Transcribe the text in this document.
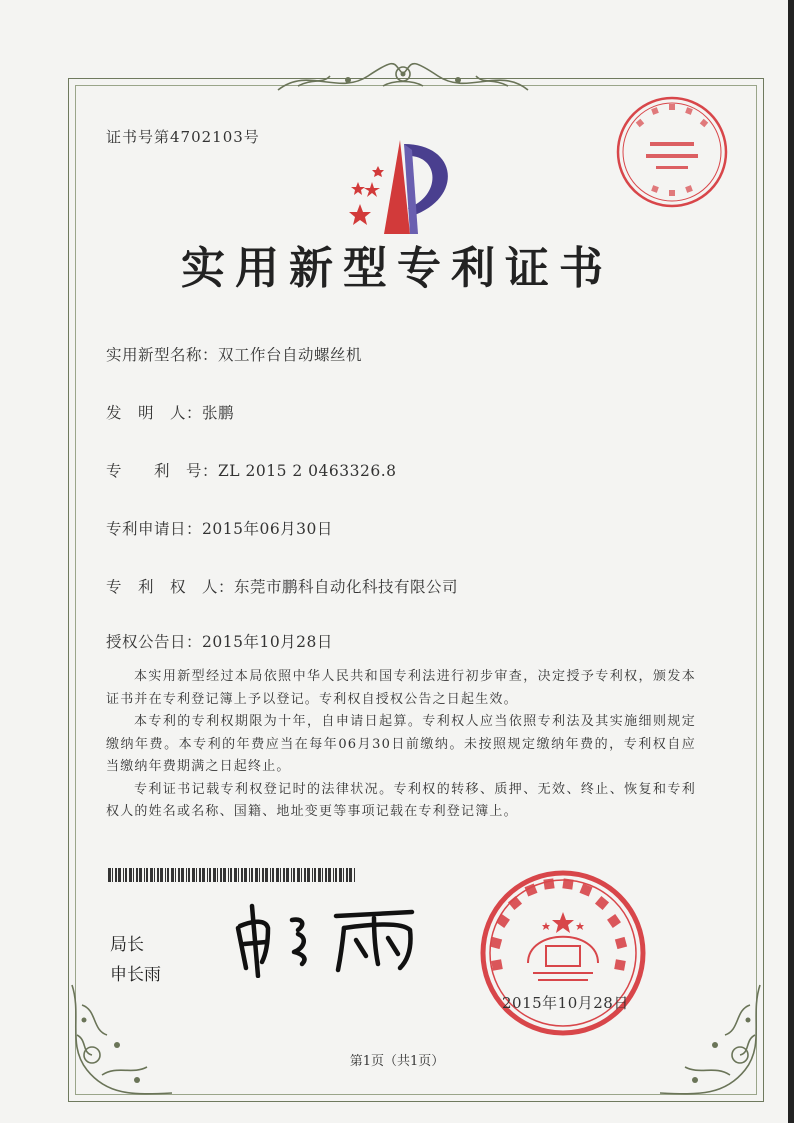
证书号第4702103号
实用新型专利证书
实用新型名称：双工作台自动螺丝机
发　明　人：张鹏
专　　利　号：ZL 2015 2 0463326.8
专利申请日：2015年06月30日
专　利　权　人：东莞市鹏科自动化科技有限公司
授权公告日：2015年10月28日

本实用新型经过本局依照中华人民共和国专利法进行初步审查，决定授予专利权，颁发本证书并在专利登记簿上予以登记。专利权自授权公告之日起生效。

本专利的专利权期限为十年，自申请日起算。专利权人应当依照专利法及其实施细则规定缴纳年费。本专利的年费应当在每年06月30日前缴纳。未按照规定缴纳年费的，专利权自应当缴纳年费期满之日起终止。

专利证书记载专利权登记时的法律状况。专利权的转移、质押、无效、终止、恢复和专利权人的姓名或名称、国籍、地址变更等事项记载在专利登记簿上。

局长
申长雨
2015年10月28日
第1页（共1页）
